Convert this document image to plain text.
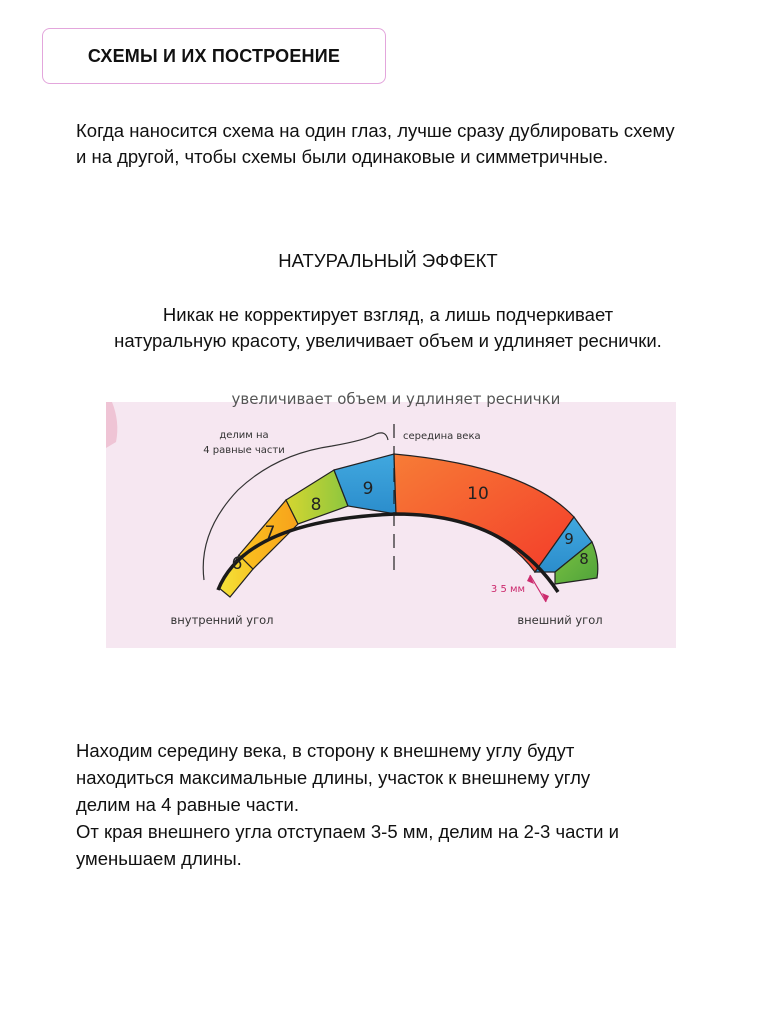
СХЕМЫ И ИХ ПОСТРОЕНИЕ
Когда наносится схема на один глаз, лучше сразу дублировать схему и на другой, чтобы схемы были одинаковые и симметричные.
НАТУРАЛЬНЫЙ ЭФФЕКТ
Никак не корректирует взгляд, а лишь подчеркивает
натуральную красоту, увеличивает объем и удлиняет реснички.
увеличивает объем и удлиняет реснички
6
7
8
9	10
9
8
делим на
4 равные части
середина века
3 5 мм
внутренний угол	внешний угол
Находим середину века, в сторону к внешнему углу будут
находиться максимальные длины, участок к внешнему углу
делим на 4 равные части.
От края внешнего угла отступаем 3-5 мм, делим на 2-3 части и
уменьшаем длины.
